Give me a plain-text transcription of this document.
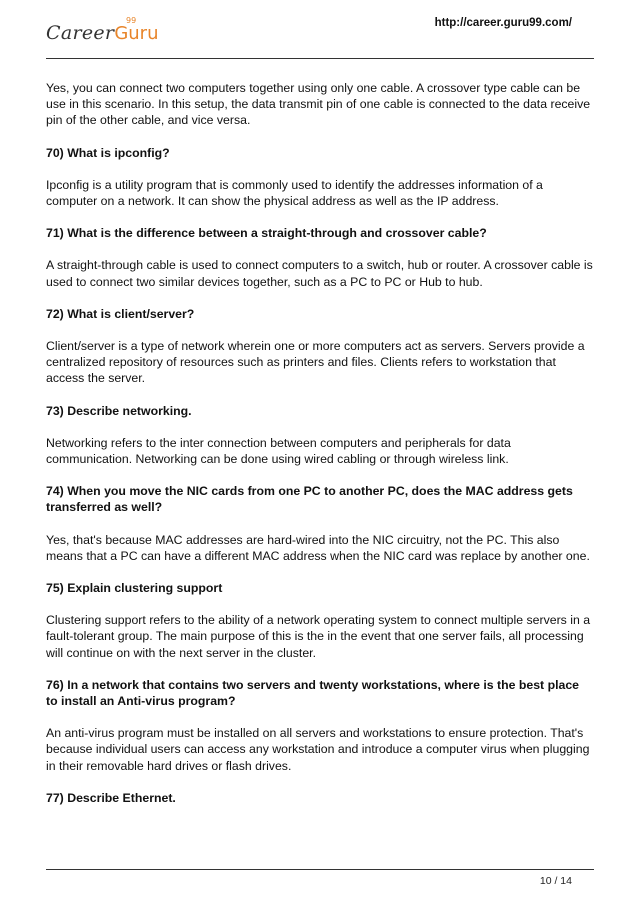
CareerGuru
99	http://career.guru99.com/

Yes, you can connect two computers together using only one cable. A crossover type cable can be use in this scenario. In this setup, the data transmit pin of one cable is connected to the data receive pin of the other cable, and vice versa.

70) What is ipconfig?

Ipconfig is a utility program that is commonly used to identify the addresses information of a computer on a network. It can show the physical address as well as the IP address.

71) What is the difference between a straight-through and crossover cable?

A straight-through cable is used to connect computers to a switch, hub or router. A crossover cable is used to connect two similar devices together, such as a PC to PC or Hub to hub.

72) What is client/server?

Client/server is a type of network wherein one or more computers act as servers. Servers provide a centralized repository of resources such as printers and files. Clients refers to workstation that access the server.

73) Describe networking.

Networking refers to the inter connection between computers and peripherals for data communication. Networking can be done using wired cabling or through wireless link.

74) When you move the NIC cards from one PC to another PC, does the MAC address gets transferred as well?

Yes, that's because MAC addresses are hard-wired into the NIC circuitry, not the PC. This also means that a PC can have a different MAC address when the NIC card was replace by another one.

75) Explain clustering support

Clustering support refers to the ability of a network operating system to connect multiple servers in a fault-tolerant group. The main purpose of this is the in the event that one server fails, all processing will continue on with the next server in the cluster.

76) In a network that contains two servers and twenty workstations, where is the best place to install an Anti-virus program?

An anti-virus program must be installed on all servers and workstations to ensure protection. That's because individual users can access any workstation and introduce a computer virus when plugging in their removable hard drives or flash drives.

77) Describe Ethernet.

10 / 14
